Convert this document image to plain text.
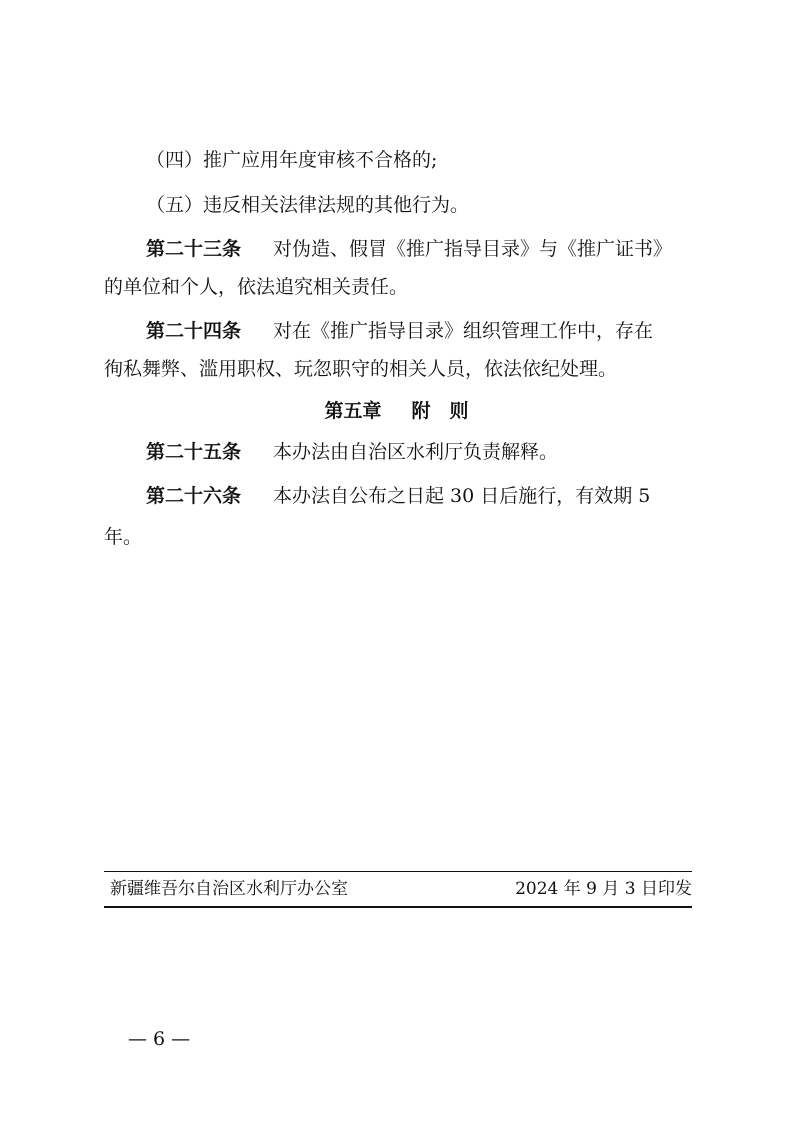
（四）推广应用年度审核不合格的;
（五）违反相关法律法规的其他行为。
第二十三条 对伪造、假冒《推广指导目录》与《推广证书》
的单位和个人，依法追究相关责任。
第二十四条 对在《推广指导目录》组织管理工作中，存在
徇私舞弊、滥用职权、玩忽职守的相关人员，依法依纪处理。
第五章 附　则
第二十五条 本办法由自治区水利厅负责解释。
第二十六条 本办法自公布之日起 30 日后施行，有效期 5
年。
新疆维吾尔自治区水利厅办公室	2024 年 9 月 3 日印发
— 6 —
